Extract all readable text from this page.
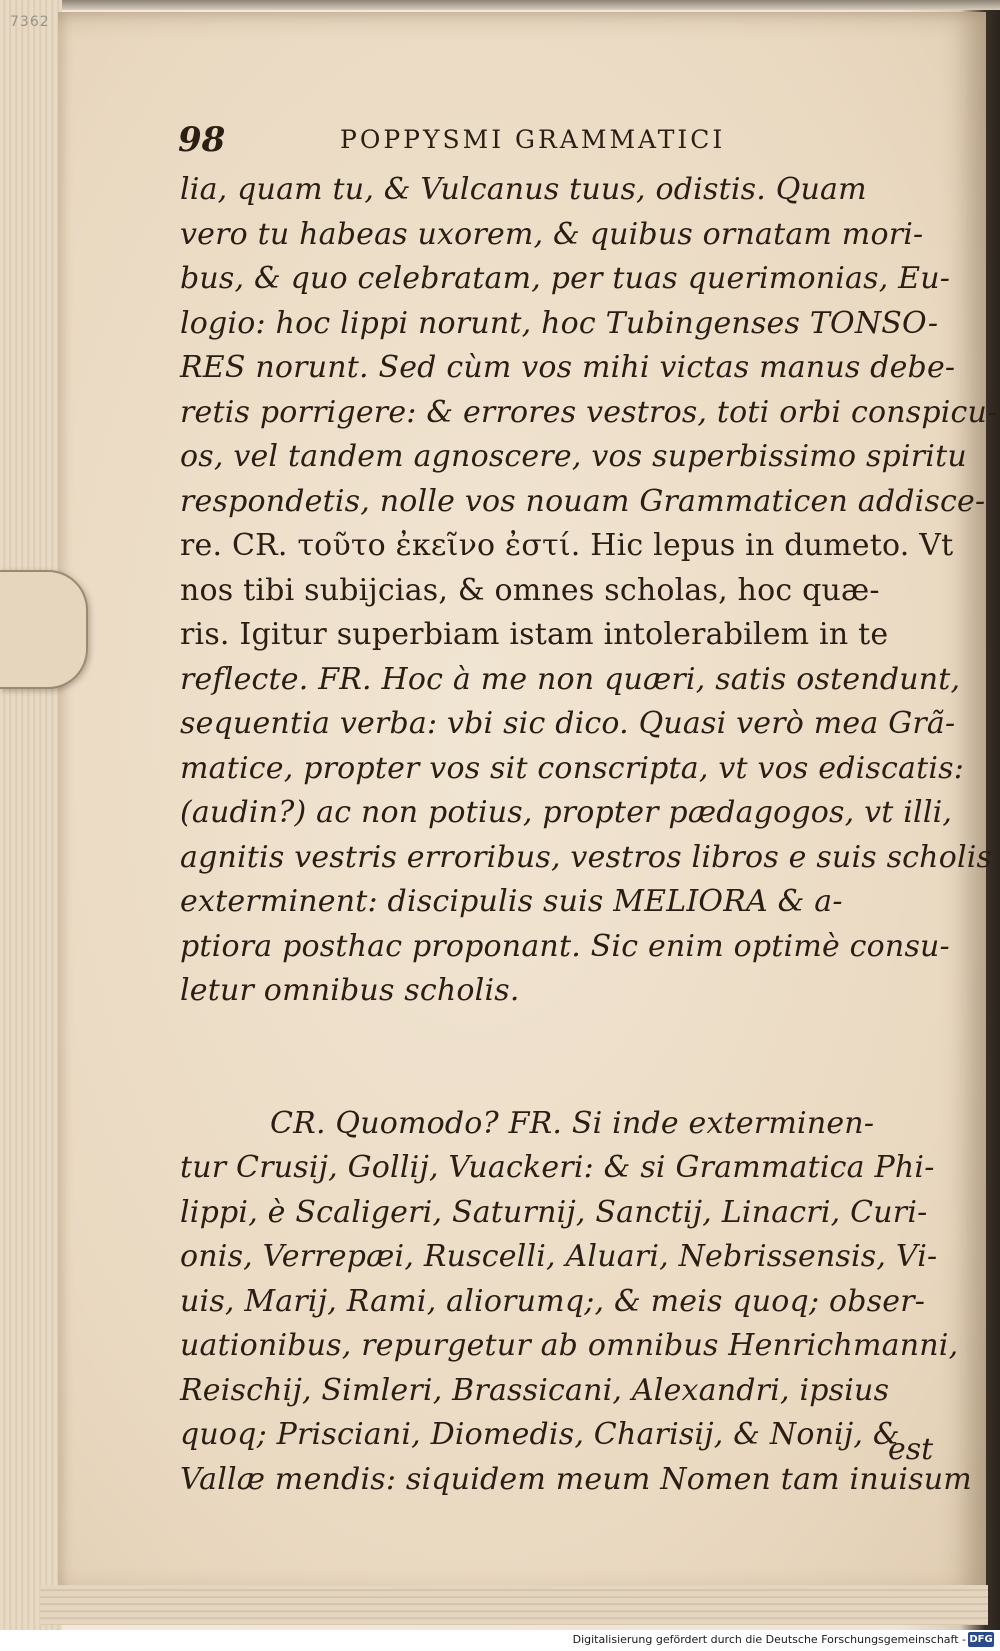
7362
98	POPPYSMI GRAMMATICI
lia, quam tu, & Vulcanus tuus, odistis. Quam
vero tu habeas uxorem, & quibus ornatam mori-
bus, & quo celebratam, per tuas querimonias, Eu-
logio: hoc lippi norunt, hoc Tubingenses TONSO-
RES norunt. Sed cùm vos mihi victas manus debe-
retis porrigere: & errores vestros, toti orbi conspicu-
os, vel tandem agnoscere, vos superbissimo spiritu
respondetis, nolle vos nouam Grammaticen addisce-
re. CR. τοῦτο ἐκεῖνο ἐστί. Hic lepus in dumeto. Vt
nos tibi subijcias, & omnes scholas, hoc quæ-
ris. Igitur superbiam istam intolerabilem in te
reflecte. FR. Hoc à me non quæri, satis ostendunt,
sequentia verba: vbi sic dico. Quasi verò mea Grã-
matice, propter vos sit conscripta, vt vos ediscatis:
(audin?) ac non potius, propter pædagogos, vt illi,
agnitis vestris erroribus, vestros libros e suis scholis
exterminent: discipulis suis MELIORA & a-
ptiora posthac proponant. Sic enim optimè consu-
letur omnibus scholis.
CR. Quomodo? FR. Si inde exterminen-
tur Crusij, Gollij, Vuackeri: & si Grammatica Phi-
lippi, è Scaligeri, Saturnij, Sanctij, Linacri, Curi-
onis, Verrepæi, Ruscelli, Aluari, Nebrissensis, Vi-
uis, Marij, Rami, aliorumq;, & meis quoq; obser-
uationibus, repurgetur ab omnibus Henrichmanni,
Reischij, Simleri, Brassicani, Alexandri, ipsius
quoq; Prisciani, Diomedis, Charisij, & Nonij, &
Vallæ mendis: siquidem meum Nomen tam inuisum
est
Digitalisierung gefördert durch die Deutsche Forschungsgemeinschaft - DFG
